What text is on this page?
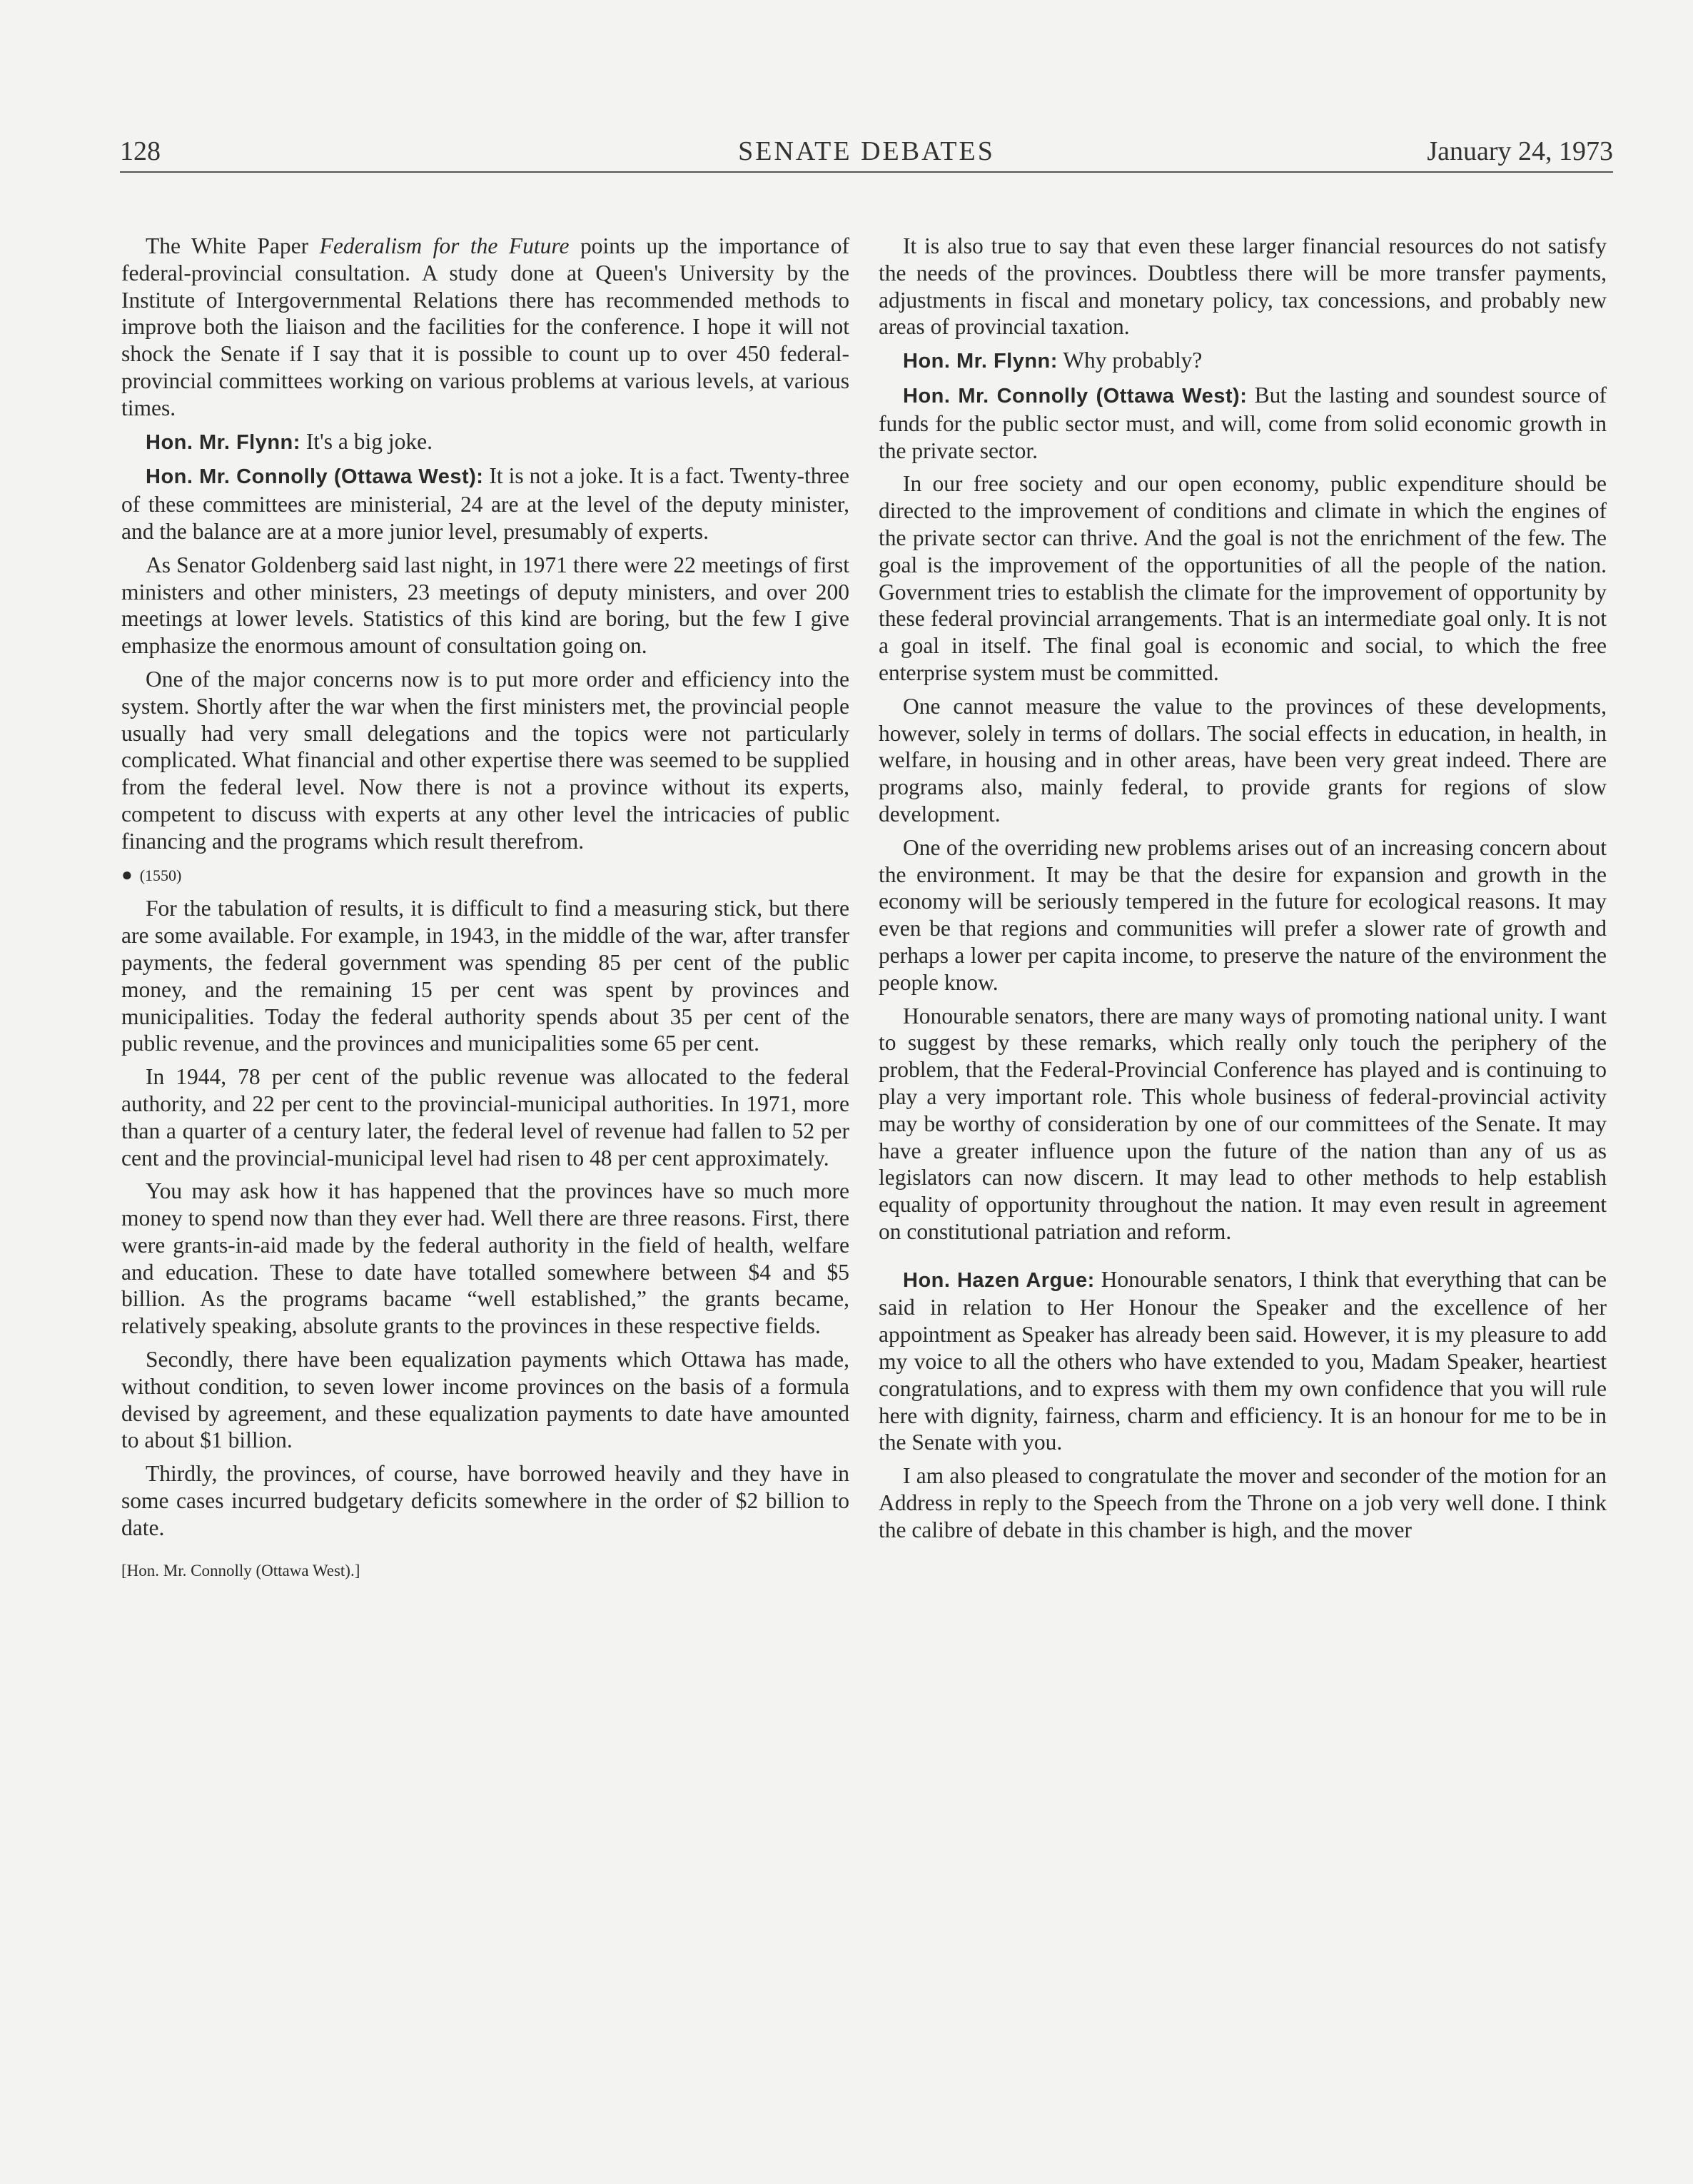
128	SENATE DEBATES	January 24, 1973

The White Paper Federalism for the Future points up the importance of federal-provincial consultation. A study done at Queen's University by the Institute of Intergovernmental Relations there has recommended methods to improve both the liaison and the facilities for the conference. I hope it will not shock the Senate if I say that it is possible to count up to over 450 federal-provincial committees working on various problems at various levels, at various times.

Hon. Mr. Flynn: It's a big joke.

Hon. Mr. Connolly (Ottawa West): It is not a joke. It is a fact. Twenty-three of these committees are ministerial, 24 are at the level of the deputy minister, and the balance are at a more junior level, presumably of experts.

As Senator Goldenberg said last night, in 1971 there were 22 meetings of first ministers and other ministers, 23 meetings of deputy ministers, and over 200 meetings at lower levels. Statistics of this kind are boring, but the few I give emphasize the enormous amount of consultation going on.

One of the major concerns now is to put more order and efficiency into the system. Shortly after the war when the first ministers met, the provincial people usually had very small delegations and the topics were not particularly complicated. What financial and other expertise there was seemed to be supplied from the federal level. Now there is not a province without its experts, competent to discuss with experts at any other level the intricacies of public financing and the programs which result therefrom.

● (1550)

For the tabulation of results, it is difficult to find a measuring stick, but there are some available. For example, in 1943, in the middle of the war, after transfer payments, the federal government was spending 85 per cent of the public money, and the remaining 15 per cent was spent by provinces and municipalities. Today the federal authority spends about 35 per cent of the public revenue, and the provinces and municipalities some 65 per cent.

In 1944, 78 per cent of the public revenue was allocated to the federal authority, and 22 per cent to the provincial-municipal authorities. In 1971, more than a quarter of a century later, the federal level of revenue had fallen to 52 per cent and the provincial-municipal level had risen to 48 per cent approximately.

You may ask how it has happened that the provinces have so much more money to spend now than they ever had. Well there are three reasons. First, there were grants-in-aid made by the federal authority in the field of health, welfare and education. These to date have totalled somewhere between $4 and $5 billion. As the programs bacame “well established,” the grants became, relatively speaking, absolute grants to the provinces in these respective fields.

Secondly, there have been equalization payments which Ottawa has made, without condition, to seven lower income provinces on the basis of a formula devised by agreement, and these equalization payments to date have amounted to about $1 billion.

Thirdly, the provinces, of course, have borrowed heavily and they have in some cases incurred budgetary deficits somewhere in the order of $2 billion to date.

[Hon. Mr. Connolly (Ottawa West).]

It is also true to say that even these larger financial resources do not satisfy the needs of the provinces. Doubtless there will be more transfer payments, adjustments in fiscal and monetary policy, tax concessions, and probably new areas of provincial taxation.

Hon. Mr. Flynn: Why probably?

Hon. Mr. Connolly (Ottawa West): But the lasting and soundest source of funds for the public sector must, and will, come from solid economic growth in the private sector.

In our free society and our open economy, public expenditure should be directed to the improvement of conditions and climate in which the engines of the private sector can thrive. And the goal is not the enrichment of the few. The goal is the improvement of the opportunities of all the people of the nation. Government tries to establish the climate for the improvement of opportunity by these federal provincial arrangements. That is an intermediate goal only. It is not a goal in itself. The final goal is economic and social, to which the free enterprise system must be committed.

One cannot measure the value to the provinces of these developments, however, solely in terms of dollars. The social effects in education, in health, in welfare, in housing and in other areas, have been very great indeed. There are programs also, mainly federal, to provide grants for regions of slow development.

One of the overriding new problems arises out of an increasing concern about the environment. It may be that the desire for expansion and growth in the economy will be seriously tempered in the future for ecological reasons. It may even be that regions and communities will prefer a slower rate of growth and perhaps a lower per capita income, to preserve the nature of the environment the people know.

Honourable senators, there are many ways of promoting national unity. I want to suggest by these remarks, which really only touch the periphery of the problem, that the Federal-Provincial Conference has played and is continuing to play a very important role. This whole business of federal-provincial activity may be worthy of consideration by one of our committees of the Senate. It may have a greater influence upon the future of the nation than any of us as legislators can now discern. It may lead to other methods to help establish equality of opportunity throughout the nation. It may even result in agreement on constitutional patriation and reform.

Hon. Hazen Argue: Honourable senators, I think that everything that can be said in relation to Her Honour the Speaker and the excellence of her appointment as Speaker has already been said. However, it is my pleasure to add my voice to all the others who have extended to you, Madam Speaker, heartiest congratulations, and to express with them my own confidence that you will rule here with dignity, fairness, charm and efficiency. It is an honour for me to be in the Senate with you.

I am also pleased to congratulate the mover and seconder of the motion for an Address in reply to the Speech from the Throne on a job very well done. I think the calibre of debate in this chamber is high, and the mover
